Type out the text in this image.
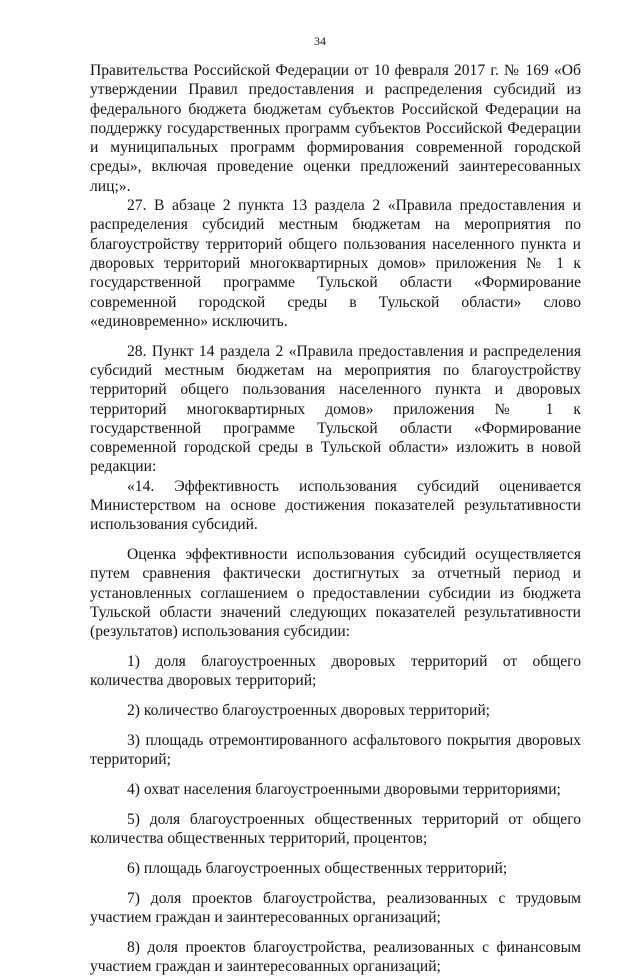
34

Правительства Российской Федерации от 10 февраля 2017 г. № 169 «Об утверждении Правил предоставления и распределения субсидий из федерального бюджета бюджетам субъектов Российской Федерации на поддержку государственных программ субъектов Российской Федерации и муниципальных программ формирования современной городской среды», включая проведение оценки предложений заинтересованных лиц;».

27. В абзаце 2 пункта 13 раздела 2 «Правила предоставления и распределения субсидий местным бюджетам на мероприятия по благоустройству территорий общего пользования населенного пункта и дворовых территорий многоквартирных домов» приложения № 1 к государственной программе Тульской области «Формирование современной городской среды в Тульской области» слово «единовременно» исключить.

28. Пункт 14 раздела 2 «Правила предоставления и распределения субсидий местным бюджетам на мероприятия по благоустройству территорий общего пользования населенного пункта и дворовых территорий многоквартирных домов» приложения № 1 к государственной программе Тульской области «Формирование современной городской среды в Тульской области» изложить в новой редакции:

«14. Эффективность использования субсидий оценивается Министерством на основе достижения показателей результативности использования субсидий.

Оценка эффективности использования субсидий осуществляется путем сравнения фактически достигнутых за отчетный период и установленных соглашением о предоставлении субсидии из бюджета Тульской области значений следующих показателей результативности (результатов) использования субсидии:

1) доля благоустроенных дворовых территорий от общего количества дворовых территорий;

2) количество благоустроенных дворовых территорий;

3) площадь отремонтированного асфальтового покрытия дворовых территорий;

4) охват населения благоустроенными дворовыми территориями;

5) доля благоустроенных общественных территорий от общего количества общественных территорий, процентов;

6) площадь благоустроенных общественных территорий;

7) доля проектов благоустройства, реализованных с трудовым участием граждан и заинтересованных организаций;

8) доля проектов благоустройства, реализованных с финансовым участием граждан и заинтересованных организаций;
